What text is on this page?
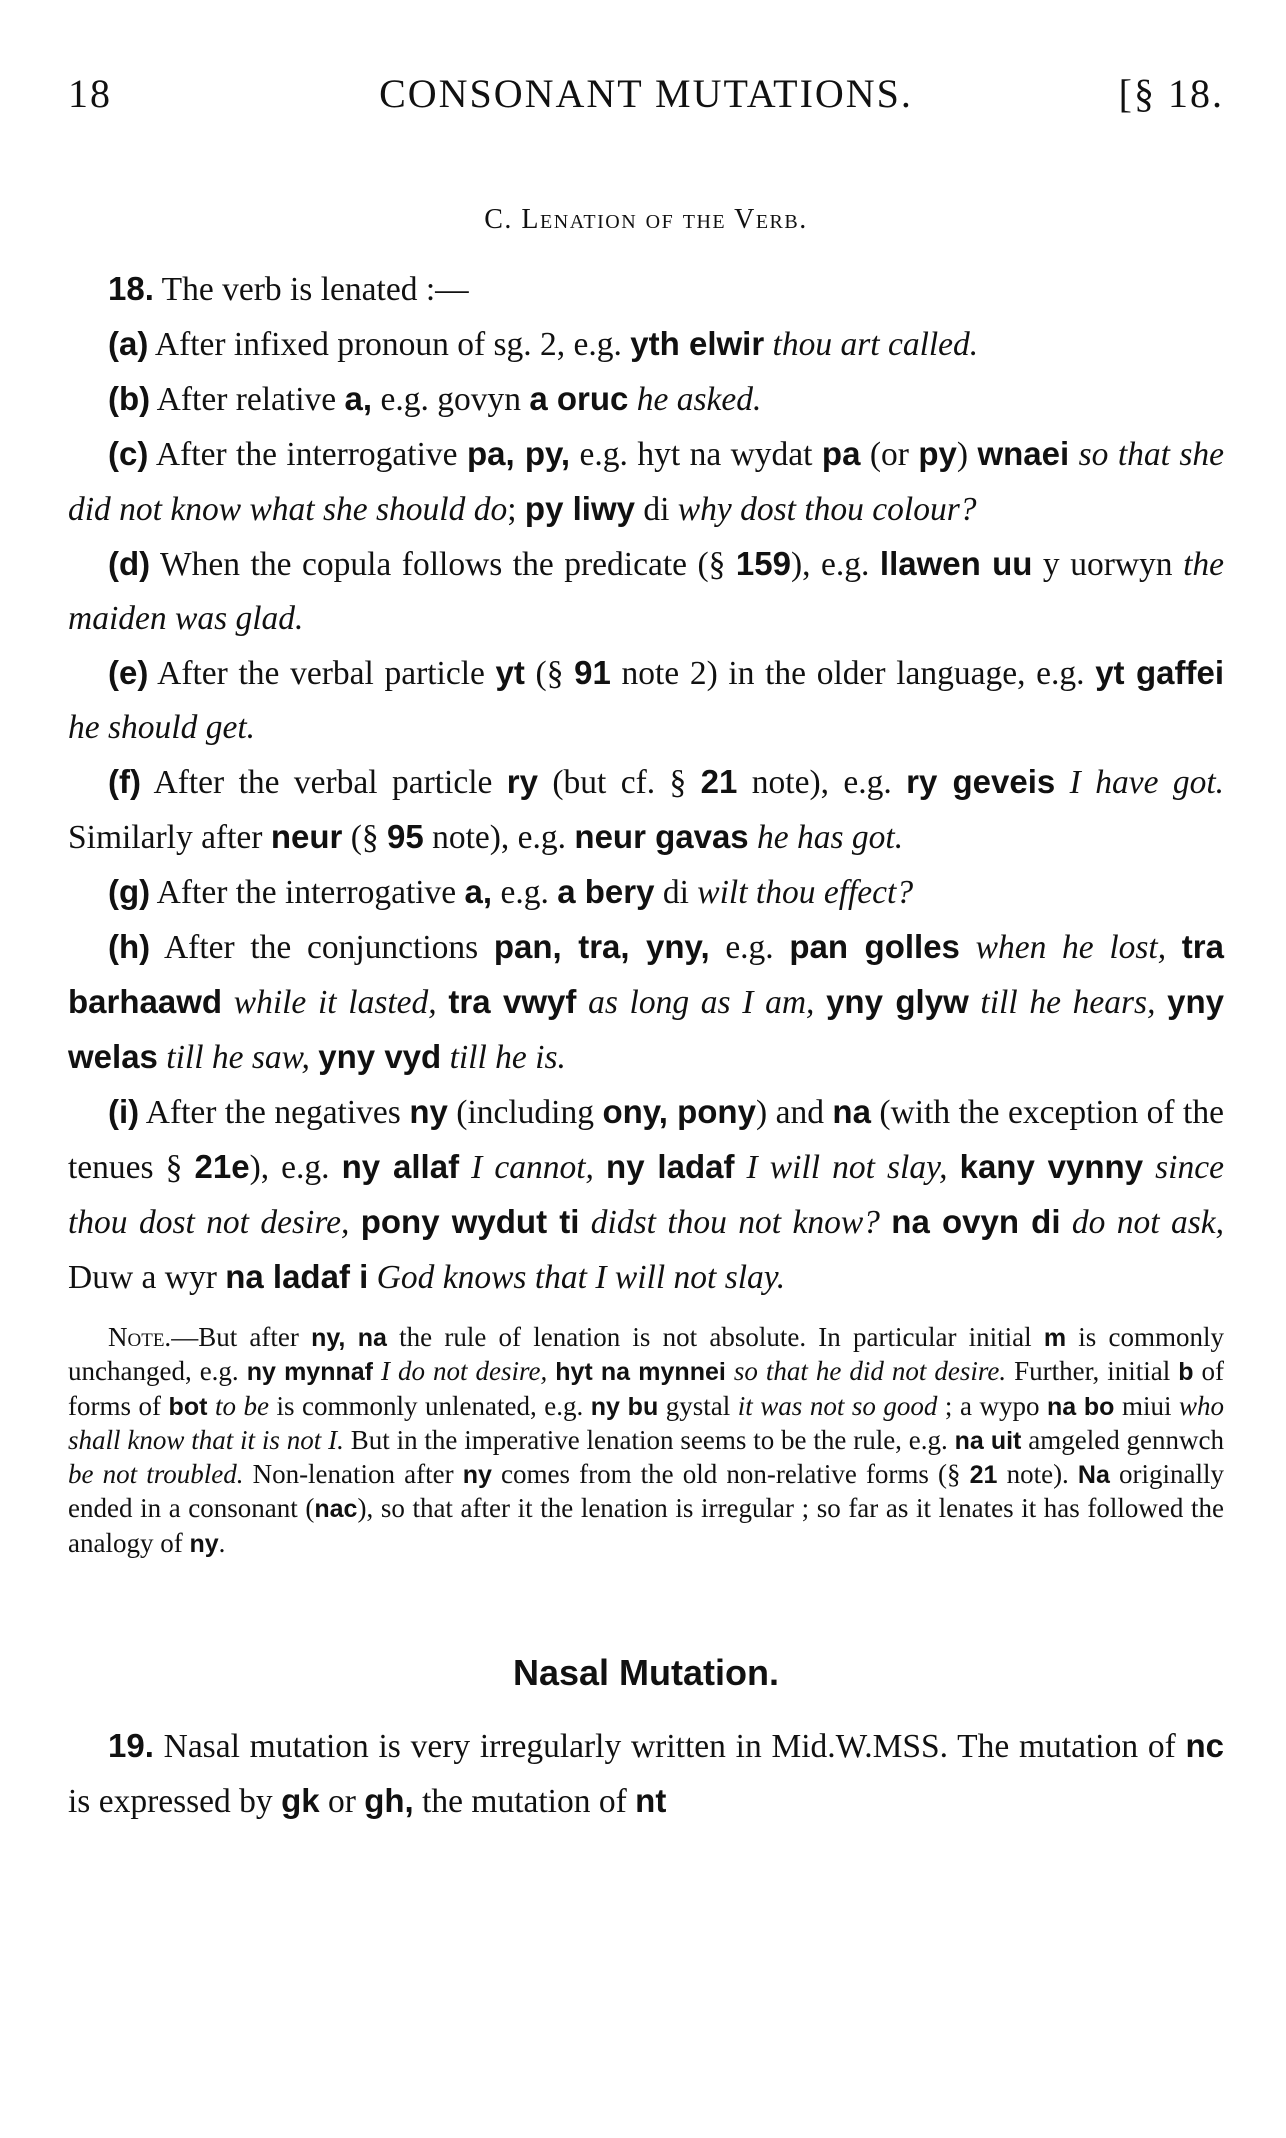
18	CONSONANT MUTATIONS.	[§ 18.
C. Lenation of the Verb.

18. The verb is lenated :—

(a) After infixed pronoun of sg. 2, e.g. yth elwir thou art called.

(b) After relative a, e.g. govyn a oruc he asked.

(c) After the interrogative pa, py, e.g. hyt na wydat pa (or py) wnaei so that she did not know what she should do; py liwy di why dost thou colour?

(d) When the copula follows the predicate (§ 159), e.g. llawen uu y uorwyn the maiden was glad.

(e) After the verbal particle yt (§ 91 note 2) in the older language, e.g. yt gaffei he should get.

(f) After the verbal particle ry (but cf. § 21 note), e.g. ry geveis I have got. Similarly after neur (§ 95 note), e.g. neur gavas he has got.

(g) After the interrogative a, e.g. a bery di wilt thou effect?

(h) After the conjunctions pan, tra, yny, e.g. pan golles when he lost, tra barhaawd while it lasted, tra vwyf as long as I am, yny glyw till he hears, yny welas till he saw, yny vyd till he is.

(i) After the negatives ny (including ony, pony) and na (with the exception of the tenues § 21e), e.g. ny allaf I cannot, ny ladaf I will not slay, kany vynny since thou dost not desire, pony wydut ti didst thou not know? na ovyn di do not ask, Duw a wyr na ladaf i God knows that I will not slay.

Note.—But after ny, na the rule of lenation is not absolute. In particular initial m is commonly unchanged, e.g. ny mynnaf I do not desire, hyt na mynnei so that he did not desire. Further, initial b of forms of bot to be is commonly unlenated, e.g. ny bu gystal it was not so good ; a wypo na bo miui who shall know that it is not I. But in the imperative lenation seems to be the rule, e.g. na uit amgeled gennwch be not troubled. Non-lenation after ny comes from the old non-relative forms (§ 21 note). Na originally ended in a consonant (nac), so that after it the lenation is irregular ; so far as it lenates it has followed the analogy of ny.

Nasal Mutation.

19. Nasal mutation is very irregularly written in Mid.W.MSS. The mutation of nc is expressed by gk or gh, the mutation of nt
